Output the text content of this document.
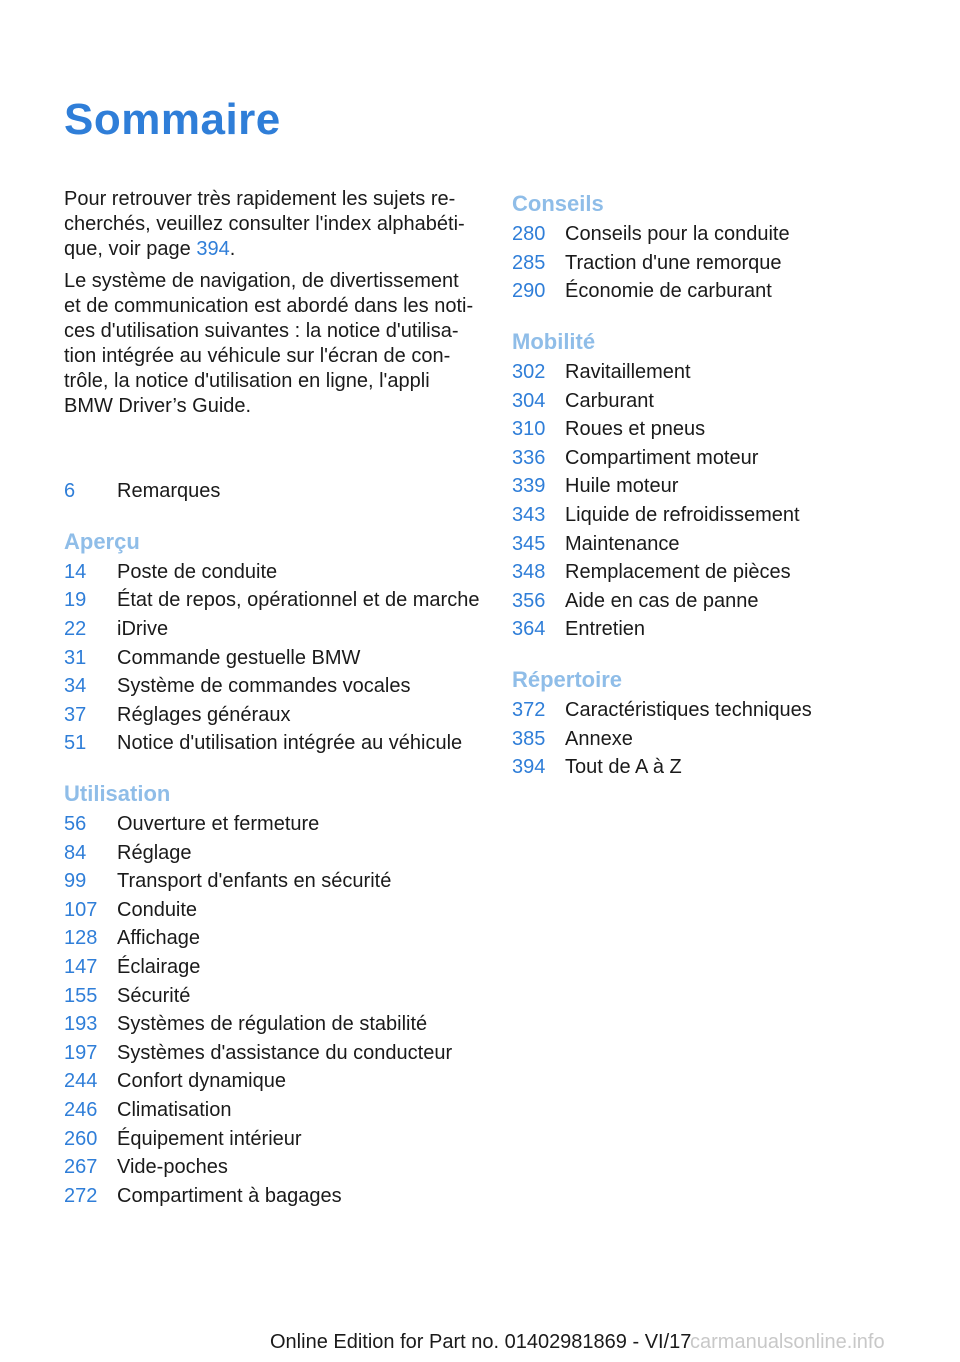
Sommaire

Pour retrouver très rapidement les sujets re‐ cherchés, veuillez consulter l'index alphabéti‐ que, voir page 394.

Le système de navigation, de divertissement et de communication est abordé dans les noti‐ ces d'utilisation suivantes : la notice d'utilisa‐ tion intégrée au véhicule sur l'écran de con‐ trôle, la notice d'utilisation en ligne, l'appli BMW Driver’s Guide.

6	Remarques
Aperçu
14	Poste de conduite
19	État de repos, opérationnel et de marche
22	iDrive
31	Commande gestuelle BMW
34	Système de commandes vocales
37	Réglages généraux
51	Notice d'utilisation intégrée au véhicule
Utilisation
56	Ouverture et fermeture
84	Réglage
99	Transport d'enfants en sécurité
107 Conduite
128 Affichage
147 Éclairage
155 Sécurité
193 Systèmes de régulation de stabilité
197 Systèmes d'assistance du conducteur
244 Confort dynamique
246 Climatisation
260 Équipement intérieur
267 Vide-poches
272 Compartiment à bagages
Conseils
280 Conseils pour la conduite
285 Traction d'une remorque
290 Économie de carburant
Mobilité
302 Ravitaillement
304 Carburant
310 Roues et pneus
336 Compartiment moteur
339 Huile moteur
343 Liquide de refroidissement
345 Maintenance
348 Remplacement de pièces
356 Aide en cas de panne
364 Entretien
Répertoire
372 Caractéristiques techniques
385 Annexe
394 Tout de A à Z
Online Edition for Part no. 01402981869 - VI/17
carmanualsonline.info
